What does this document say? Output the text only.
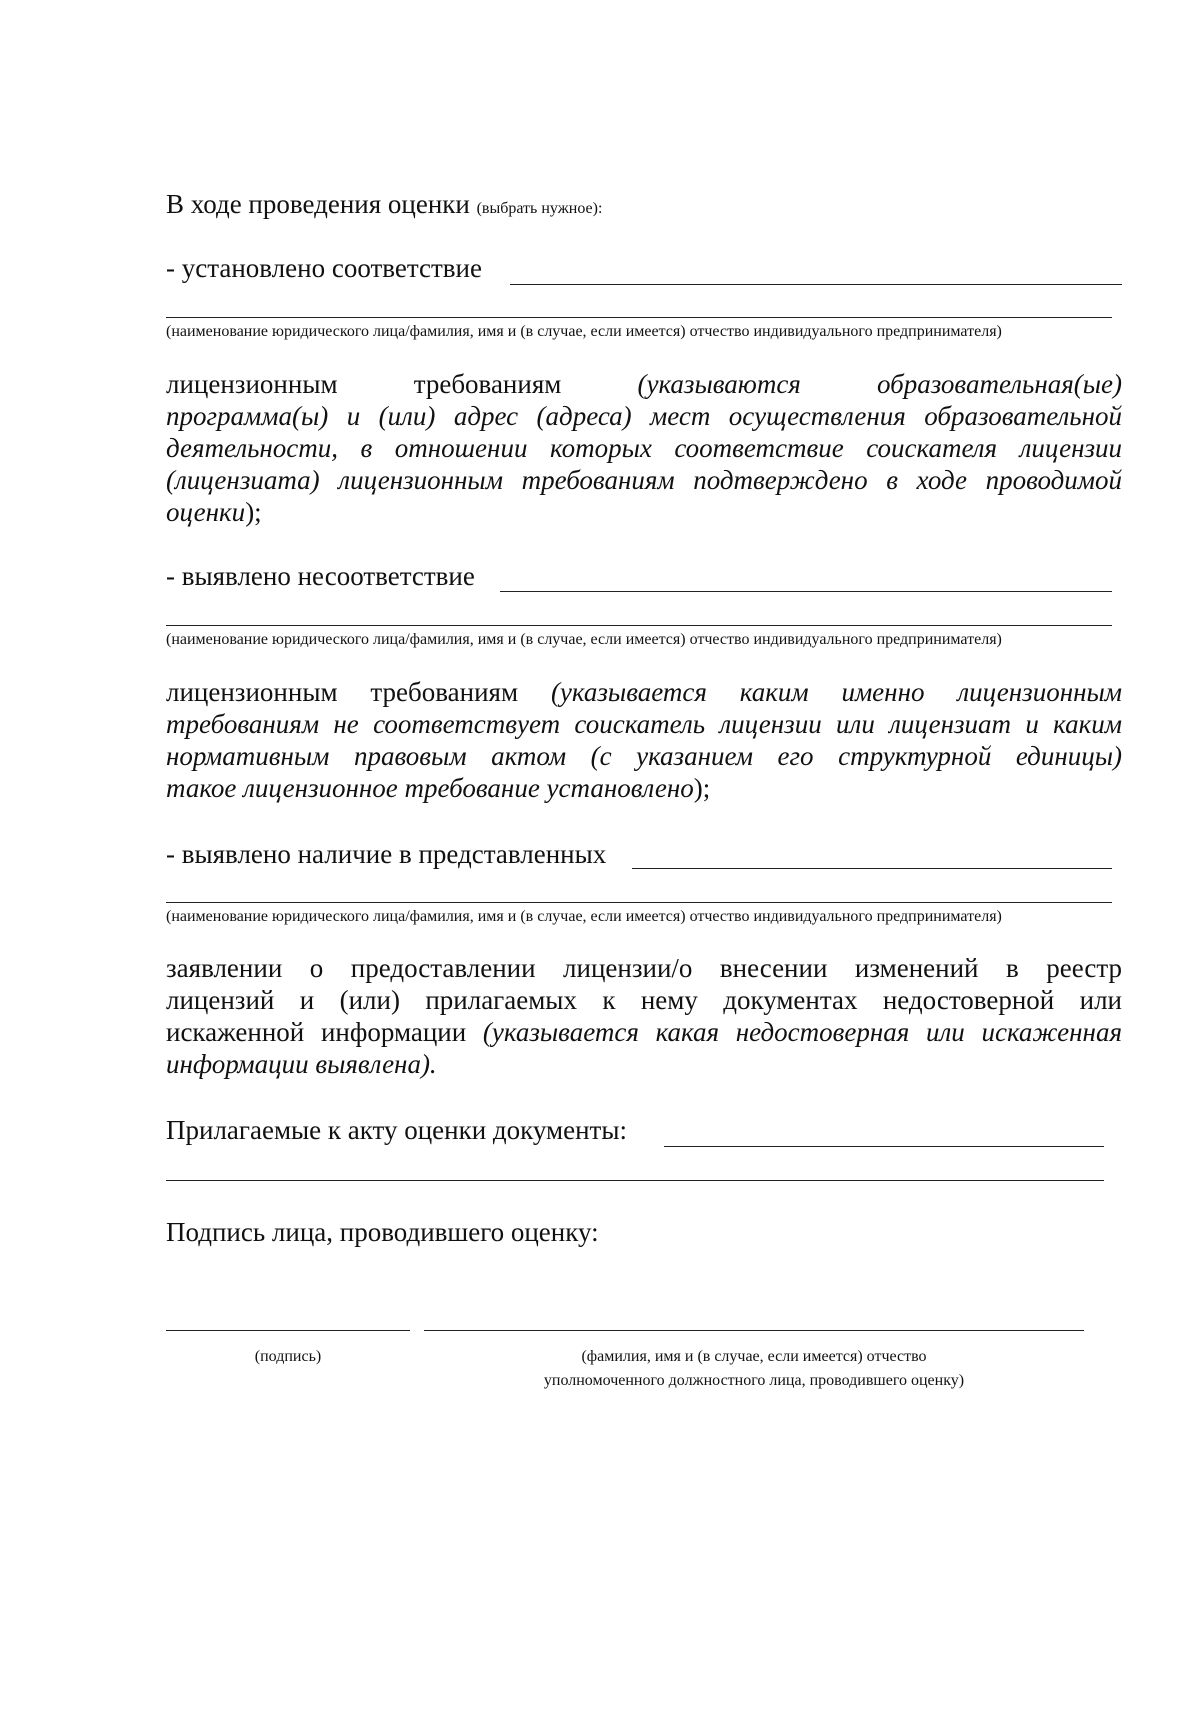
В ходе проведения оценки (выбрать нужное):
- установлено соответствие
(наименование юридического лица/фамилия, имя и (в случае, если имеется) отчество индивидуального предпринимателя)
лицензионным	требованиям	(указываются	образовательная(ые)
программа(ы) и (или) адрес (адреса) мест осуществления образовательной
деятельности, в отношении которых соответствие соискателя лицензии
(лицензиата) лицензионным требованиям подтверждено в ходе проводимой
оценки);
- выявлено несоответствие
(наименование юридического лица/фамилия, имя и (в случае, если имеется) отчество индивидуального предпринимателя)
лицензионным требованиям (указывается каким именно лицензионным
требованиям не соответствует соискатель лицензии или лицензиат и каким
нормативным правовым актом (с указанием его структурной единицы)
такое лицензионное требование установлено);
- выявлено наличие в представленных
(наименование юридического лица/фамилия, имя и (в случае, если имеется) отчество индивидуального предпринимателя)
заявлении о предоставлении лицензии/о внесении изменений в реестр
лицензий и (или) прилагаемых к нему документах недостоверной или
искаженной информации (указывается какая недостоверная или искаженная
информации выявлена).
Прилагаемые к акту оценки документы:
Подпись лица, проводившего оценку:
(подпись)	(фамилия, имя и (в случае, если имеется) отчество
уполномоченного должностного лица, проводившего оценку)
